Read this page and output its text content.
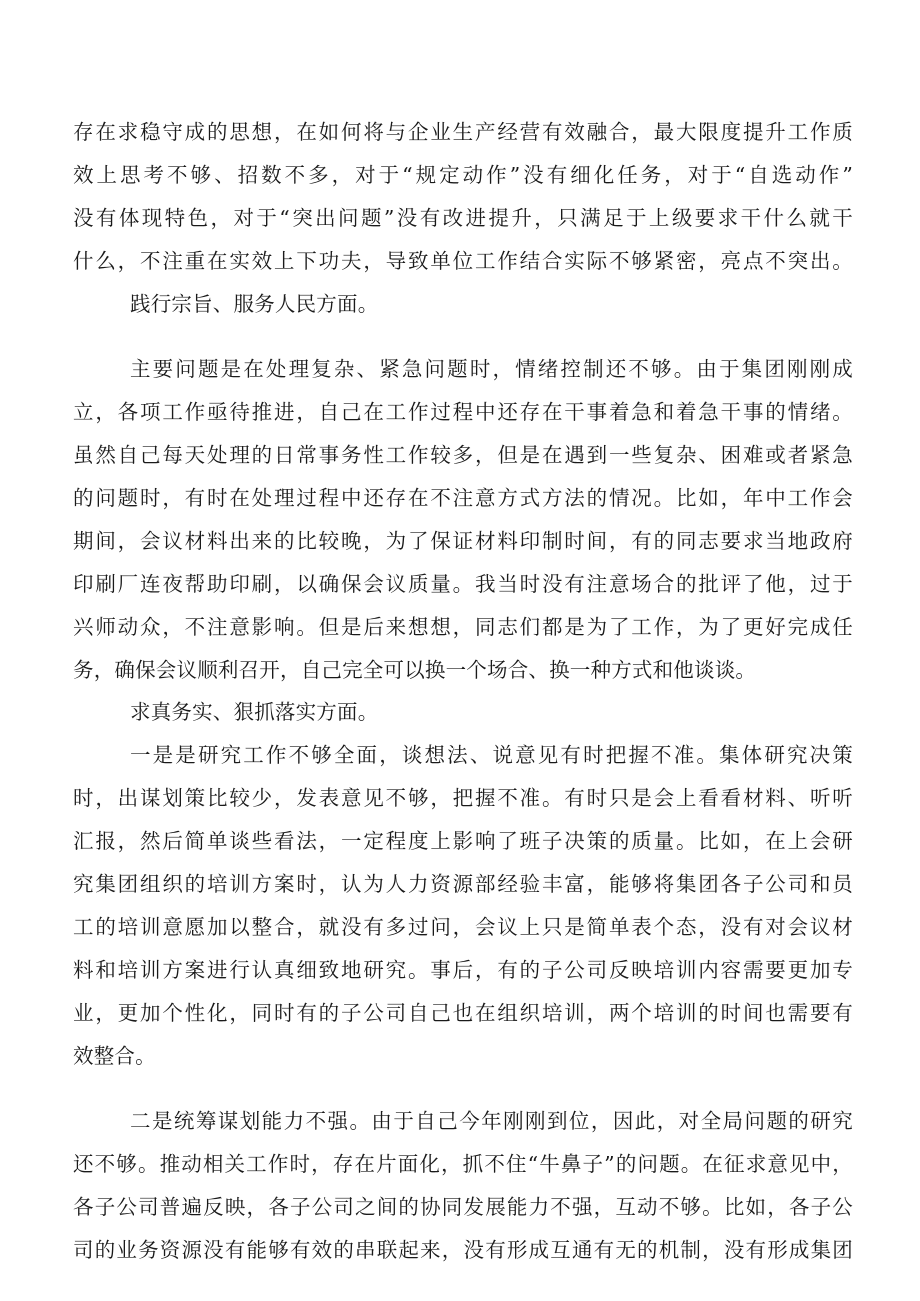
存在求稳守成的思想，在如何将与企业生产经营有效融合，最大限度提升工作质
效上思考不够、招数不多，对于“规定动作”没有细化任务，对于“自选动作”
没有体现特色，对于“突出问题”没有改进提升，只满足于上级要求干什么就干
什么，不注重在实效上下功夫，导致单位工作结合实际不够紧密，亮点不突出。
践行宗旨、服务人民方面。
主要问题是在处理复杂、紧急问题时，情绪控制还不够。由于集团刚刚成
立，各项工作亟待推进，自己在工作过程中还存在干事着急和着急干事的情绪。
虽然自己每天处理的日常事务性工作较多，但是在遇到一些复杂、困难或者紧急
的问题时，有时在处理过程中还存在不注意方式方法的情况。比如，年中工作会
期间，会议材料出来的比较晚，为了保证材料印制时间，有的同志要求当地政府
印刷厂连夜帮助印刷，以确保会议质量。我当时没有注意场合的批评了他，过于
兴师动众，不注意影响。但是后来想想，同志们都是为了工作，为了更好完成任
务，确保会议顺利召开，自己完全可以换一个场合、换一种方式和他谈谈。
求真务实、狠抓落实方面。
一是是研究工作不够全面，谈想法、说意见有时把握不准。集体研究决策
时，出谋划策比较少，发表意见不够，把握不准。有时只是会上看看材料、听听
汇报，然后简单谈些看法，一定程度上影响了班子决策的质量。比如，在上会研
究集团组织的培训方案时，认为人力资源部经验丰富，能够将集团各子公司和员
工的培训意愿加以整合，就没有多过问，会议上只是简单表个态，没有对会议材
料和培训方案进行认真细致地研究。事后，有的子公司反映培训内容需要更加专
业，更加个性化，同时有的子公司自己也在组织培训，两个培训的时间也需要有
效整合。
二是统筹谋划能力不强。由于自己今年刚刚到位，因此，对全局问题的研究
还不够。推动相关工作时，存在片面化，抓不住“牛鼻子”的问题。在征求意见中，
各子公司普遍反映，各子公司之间的协同发展能力不强，互动不够。比如，各子公
司的业务资源没有能够有效的串联起来，没有形成互通有无的机制，没有形成集团
